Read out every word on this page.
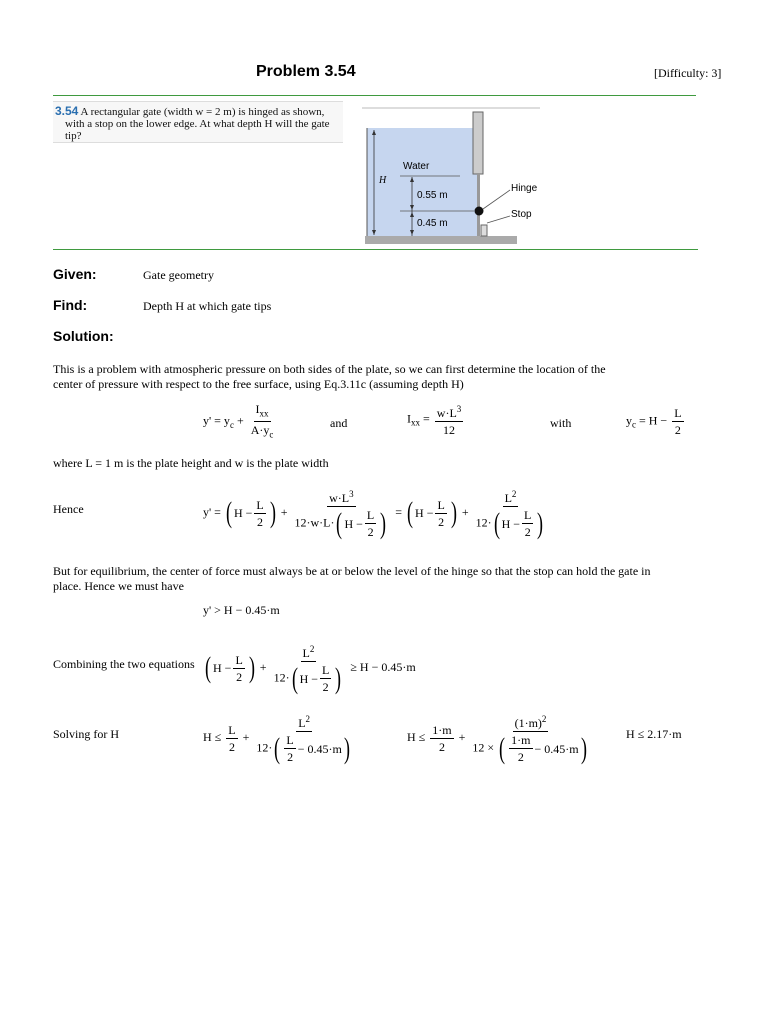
Problem 3.54	[Difficulty: 3]
3.54 A rectangular gate (width w = 2 m) is hinged as shown,
with a stop on the lower edge. At what depth H will the gate tip?
Water
H
0.55 m
0.45 m
Hinge
Stop
Given:	Gate geometry
Find:	Depth H at which gate tips
Solution:
This is a problem with atmospheric pressure on both sides of the plate, so we can first determine the location of the
center of pressure with respect to the free surface, using Eq.3.11c (assuming depth H)
$y' = y_c + \frac{I_{xx}}{A\cdot y_c}$	and	$I_{xx} = \frac{w\cdot L^3}{12}$	with	$y_c = H - \frac{L}{2}$
where L = 1 m is the plate height and w is the plate width
Hence	y' = ( $H - \frac{L}{2}$ ) + $\frac{w\cdot L^3}{12\cdot w\cdot L\cdot ( H - \frac{L}{2} )}$ = ( $H - \frac{L}{2}$ ) + $\frac{L^2}{12\cdot ( H - \frac{L}{2} )}$
But for equilibrium, the center of force must always be at or below the level of the hinge so that the stop can hold the gate in
place. Hence we must have
y' > H − 0.45·m
Combining the two equations ( $H - \frac{L}{2}$ ) + $\frac{L^2}{12\cdot ( H - \frac{L}{2} )} \ge H - 0.45\cdot m$
Solving for H	$H \le \frac{L}{2} + \frac{L^2}{12\cdot ( \frac{L}{2} - 0.45\cdot m )}$	$H \le \frac{1\cdot m}{2} + \frac{(1\cdot m)^2}{12 \times ( \frac{1\cdot m}{2} - 0.45\cdot m )}$	H ≤ 2.17·m
